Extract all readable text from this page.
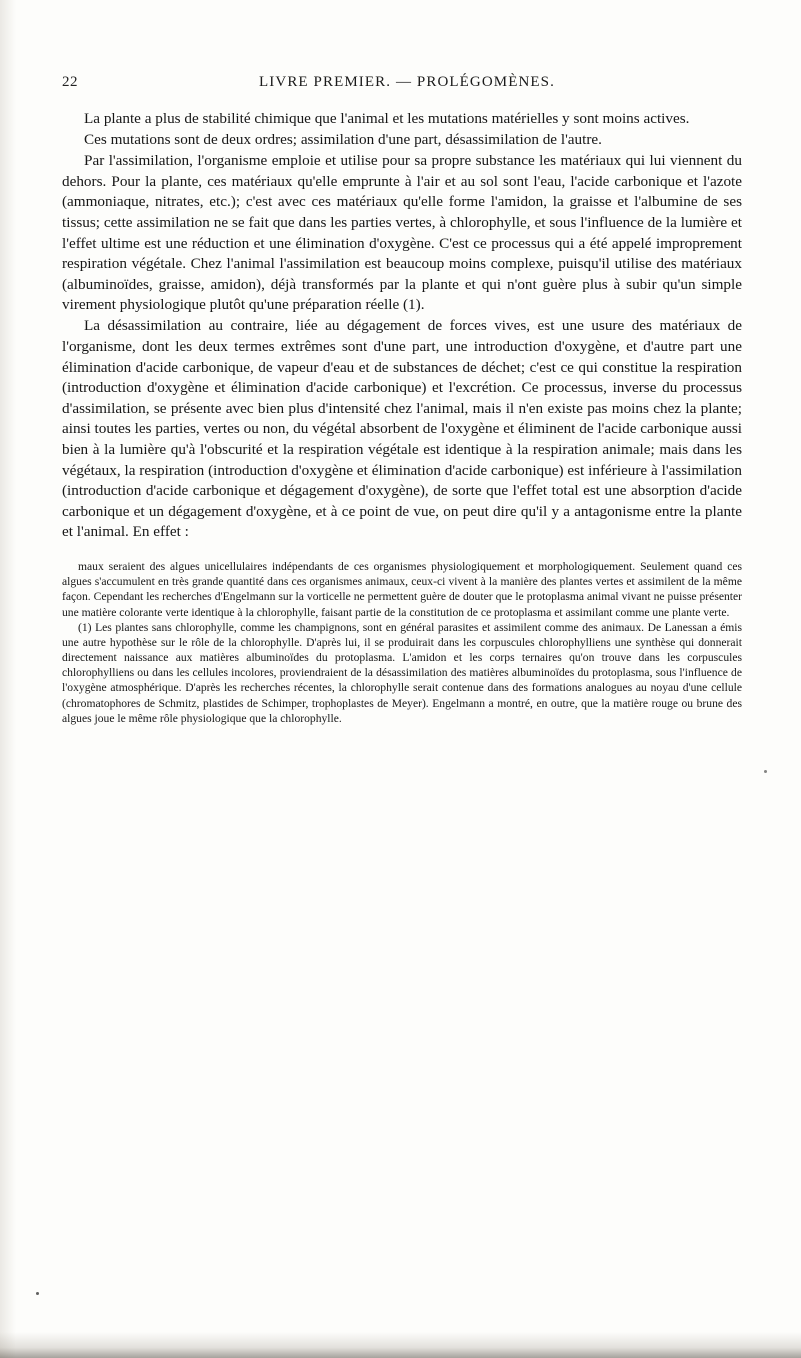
22	LIVRE PREMIER. — PROLÉGOMÈNES.

La plante a plus de stabilité chimique que l'animal et les mutations matérielles y sont moins actives.

Ces mutations sont de deux ordres; assimilation d'une part, désassimilation de l'autre.

Par l'assimilation, l'organisme emploie et utilise pour sa propre substance les matériaux qui lui viennent du dehors. Pour la plante, ces matériaux qu'elle emprunte à l'air et au sol sont l'eau, l'acide carbonique et l'azote (ammoniaque, nitrates, etc.); c'est avec ces matériaux qu'elle forme l'amidon, la graisse et l'albumine de ses tissus; cette assimilation ne se fait que dans les parties vertes, à chlorophylle, et sous l'influence de la lumière et l'effet ultime est une réduction et une élimination d'oxygène. C'est ce processus qui a été appelé improprement respiration végétale. Chez l'animal l'assimilation est beaucoup moins complexe, puisqu'il utilise des matériaux (albuminoïdes, graisse, amidon), déjà transformés par la plante et qui n'ont guère plus à subir qu'un simple virement physiologique plutôt qu'une préparation réelle (1).

La désassimilation au contraire, liée au dégagement de forces vives, est une usure des matériaux de l'organisme, dont les deux termes extrêmes sont d'une part, une introduction d'oxygène, et d'autre part une élimination d'acide carbonique, de vapeur d'eau et de substances de déchet; c'est ce qui constitue la respiration (introduction d'oxygène et élimination d'acide carbonique) et l'excrétion. Ce processus, inverse du processus d'assimilation, se présente avec bien plus d'intensité chez l'animal, mais il n'en existe pas moins chez la plante; ainsi toutes les parties, vertes ou non, du végétal absorbent de l'oxygène et éliminent de l'acide carbonique aussi bien à la lumière qu'à l'obscurité et la respiration végétale est identique à la respiration animale; mais dans les végétaux, la respiration (introduction d'oxygène et élimination d'acide carbonique) est inférieure à l'assimilation (introduction d'acide carbonique et dégagement d'oxygène), de sorte que l'effet total est une absorption d'acide carbonique et un dégagement d'oxygène, et à ce point de vue, on peut dire qu'il y a antagonisme entre la plante et l'animal. En effet :

maux seraient des algues unicellulaires indépendants de ces organismes physiologiquement et morphologiquement. Seulement quand ces algues s'accumulent en très grande quantité dans ces organismes animaux, ceux-ci vivent à la manière des plantes vertes et assimilent de la même façon. Cependant les recherches d'Engelmann sur la vorticelle ne permettent guère de douter que le protoplasma animal vivant ne puisse présenter une matière colorante verte identique à la chlorophylle, faisant partie de la constitution de ce protoplasma et assimilant comme une plante verte.

(1) Les plantes sans chlorophylle, comme les champignons, sont en général parasites et assimilent comme des animaux. De Lanessan a émis une autre hypothèse sur le rôle de la chlorophylle. D'après lui, il se produirait dans les corpuscules chlorophylliens une synthèse qui donnerait directement naissance aux matières albuminoïdes du protoplasma. L'amidon et les corps ternaires qu'on trouve dans les corpuscules chlorophylliens ou dans les cellules incolores, proviendraient de la désassimilation des matières albuminoïdes du protoplasma, sous l'influence de l'oxygène atmosphérique. D'après les recherches récentes, la chlorophylle serait contenue dans des formations analogues au noyau d'une cellule (chromatophores de Schmitz, plastides de Schimper, trophoplastes de Meyer). Engelmann a montré, en outre, que la matière rouge ou brune des algues joue le même rôle physiologique que la chlorophylle.
